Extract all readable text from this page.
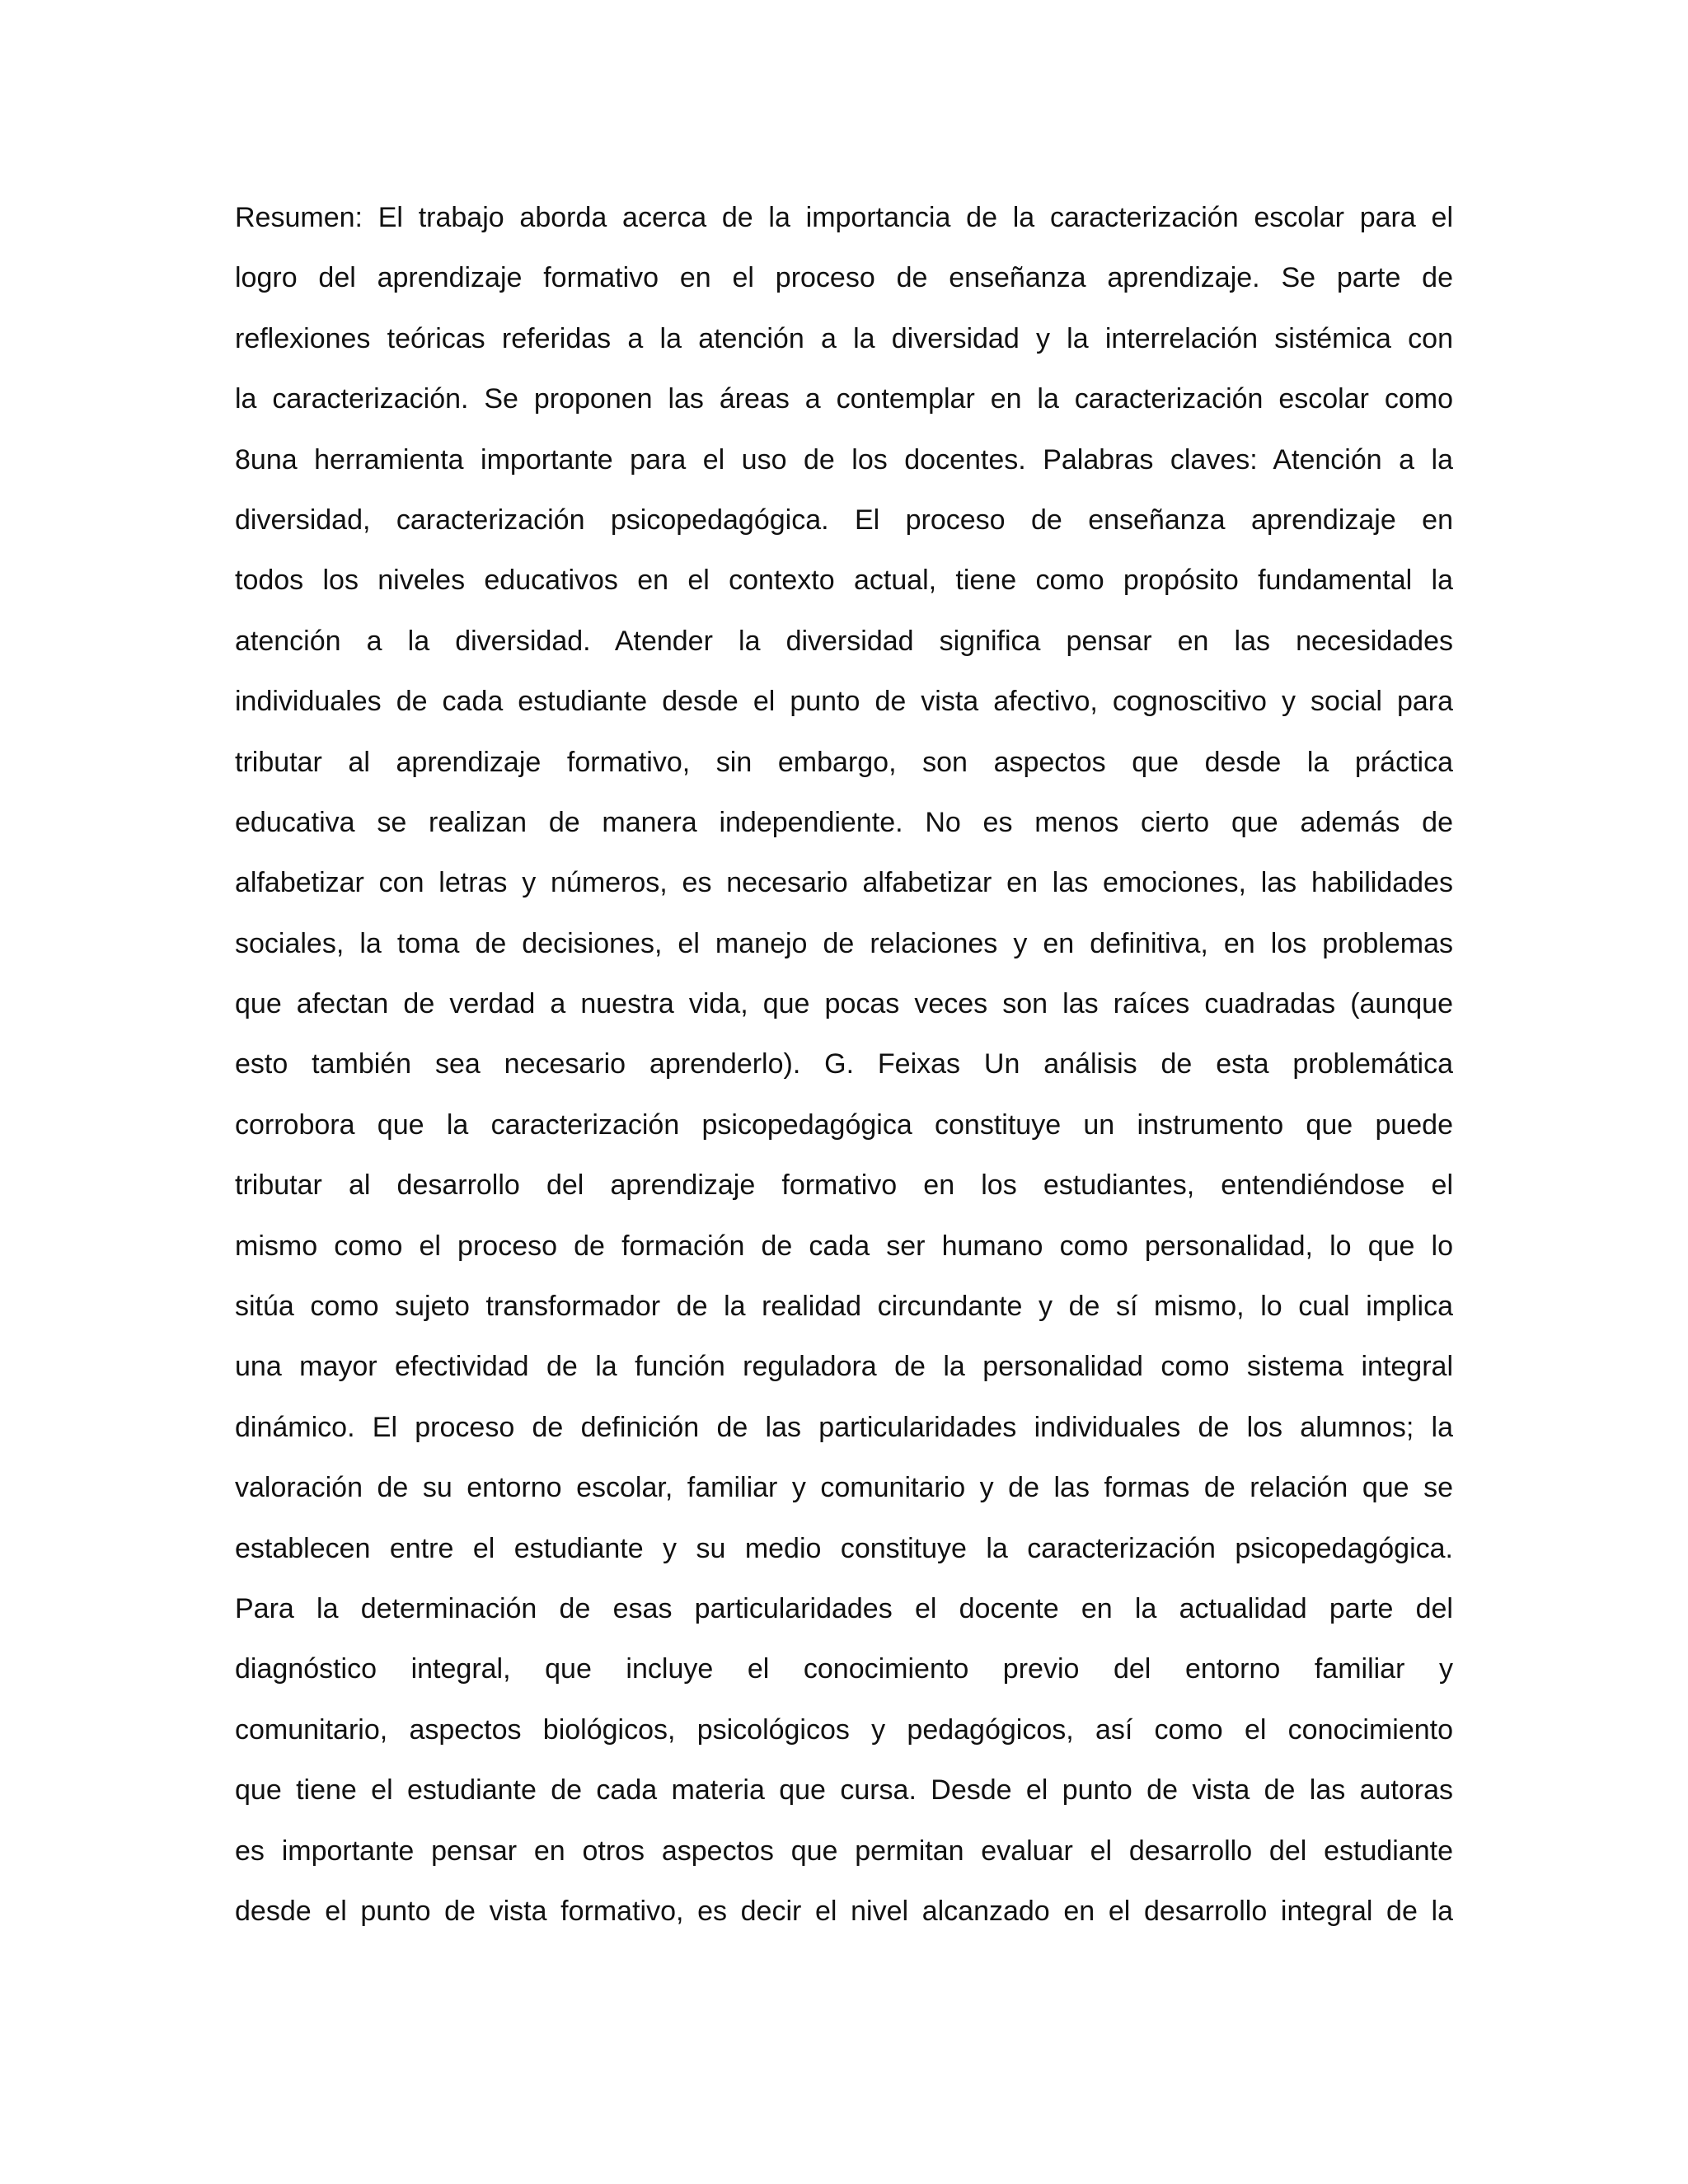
Resumen: El trabajo aborda acerca de la importancia de la caracterización escolar para el
logro del aprendizaje formativo en el proceso de enseñanza aprendizaje. Se parte de
reflexiones teóricas referidas a la atención a la diversidad y la interrelación sistémica con
la caracterización. Se proponen las áreas a contemplar en la caracterización escolar como
8una herramienta importante para el uso de los docentes. Palabras claves: Atención a la
diversidad, caracterización psicopedagógica. El proceso de enseñanza aprendizaje en
todos los niveles educativos en el contexto actual, tiene como propósito fundamental la
atención a la diversidad. Atender la diversidad significa pensar en las necesidades
individuales de cada estudiante desde el punto de vista afectivo, cognoscitivo y social para
tributar al aprendizaje formativo, sin embargo, son aspectos que desde la práctica
educativa se realizan de manera independiente. No es menos cierto que además de
alfabetizar con letras y números, es necesario alfabetizar en las emociones, las habilidades
sociales, la toma de decisiones, el manejo de relaciones y en definitiva, en los problemas
que afectan de verdad a nuestra vida, que pocas veces son las raíces cuadradas (aunque
esto también sea necesario aprenderlo). G. Feixas Un análisis de esta problemática
corrobora que la caracterización psicopedagógica constituye un instrumento que puede
tributar al desarrollo del aprendizaje formativo en los estudiantes, entendiéndose el
mismo como el proceso de formación de cada ser humano como personalidad, lo que lo
sitúa como sujeto transformador de la realidad circundante y de sí mismo, lo cual implica
una mayor efectividad de la función reguladora de la personalidad como sistema integral
dinámico. El proceso de definición de las particularidades individuales de los alumnos; la
valoración de su entorno escolar, familiar y comunitario y de las formas de relación que se
establecen entre el estudiante y su medio constituye la caracterización psicopedagógica.
Para la determinación de esas particularidades el docente en la actualidad parte del
diagnóstico integral, que incluye el conocimiento previo del entorno familiar y
comunitario, aspectos biológicos, psicológicos y pedagógicos, así como el conocimiento
que tiene el estudiante de cada materia que cursa. Desde el punto de vista de las autoras
es importante pensar en otros aspectos que permitan evaluar el desarrollo del estudiante
desde el punto de vista formativo, es decir el nivel alcanzado en el desarrollo integral de la
